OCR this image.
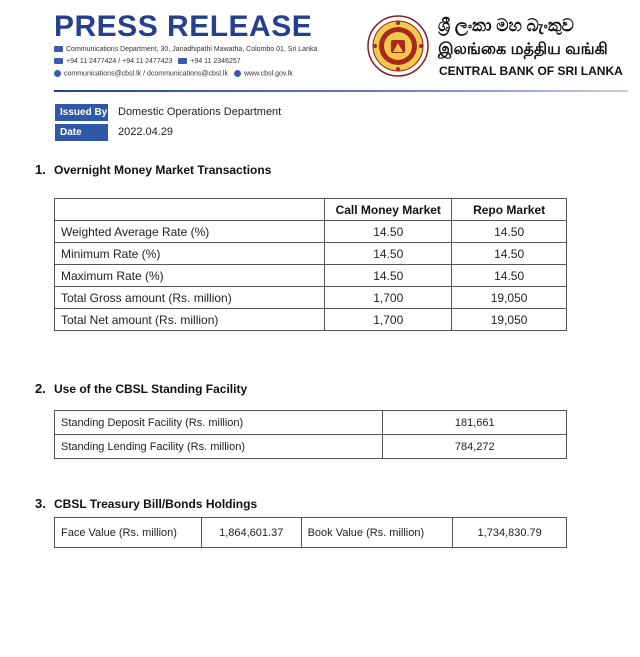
PRESS RELEASE
Communications Department, 30, Janadhipathi Mawatha, Colombo 01, Sri Lanka
+94 11 2477424 / +94 11 2477423	+94 11 2346257
communications@cbsl.lk / dcommunications@cbsl.lk www.cbsl.gov.lk
ශ්‍රී ලංකා මහ බැංකුව
இலங்கை மத்திய வங்கி
CENTRAL BANK OF SRI LANKA
Issued By Domestic Operations Department
Date	2022.04.29
1. Overnight Money Market Transactions
	Call Money Market	Repo Market
Weighted Average Rate (%)	14.50	14.50
Minimum Rate (%)	14.50	14.50
Maximum Rate (%)	14.50	14.50
Total Gross amount (Rs. million)	1,700	19,050
Total Net amount (Rs. million)	1,700	19,050
2. Use of the CBSL Standing Facility
Standing Deposit Facility (Rs. million)	181,661
Standing Lending Facility (Rs. million)	784,272
3. CBSL Treasury Bill/Bonds Holdings
Face Value (Rs. million)	1,864,601.37	Book Value (Rs. million)	1,734,830.79
